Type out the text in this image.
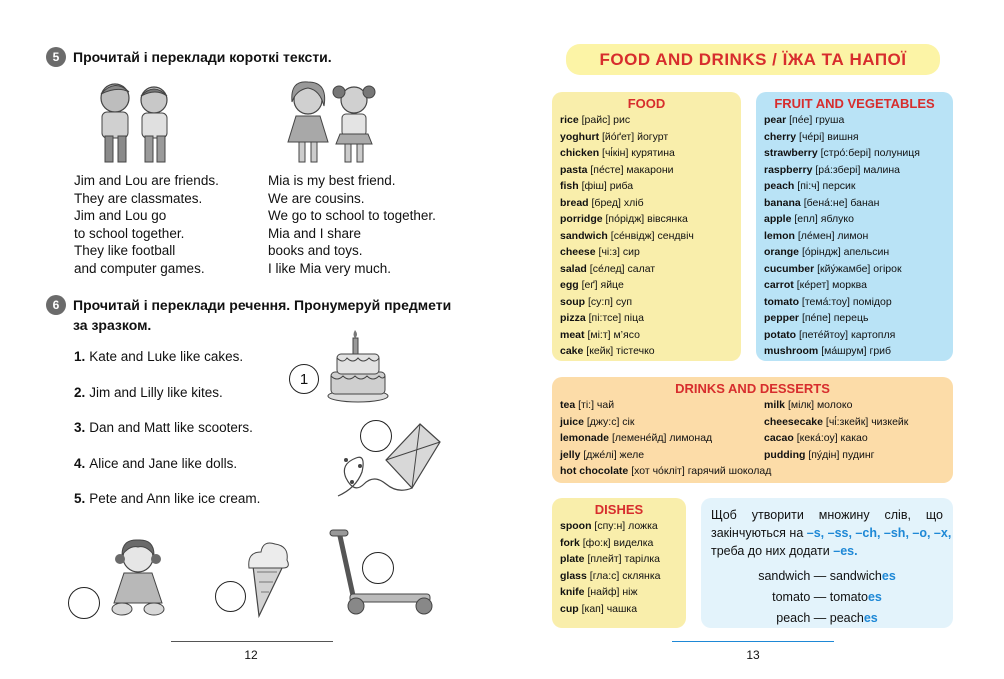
5 Прочитай і переклади короткі тексти.
Jim and Lou are friends.
They are classmates.
Jim and Lou go
to school together.
They like football
and computer games.
Mia is my best friend.
We are cousins.
We go to school to together.
Mia and I share
books and toys.
I like Mia very much.
6 Прочитай і переклади речення. Пронумеруй предмети
за зразком.
1. Kate and Luke like cakes.
2. Jim and Lilly like kites.
3. Dan and Matt like scooters.
4. Alice and Jane like dolls.
5. Pete and Ann like ice cream.
1
12
FOOD AND DRINKS / ЇЖА ТА НАПОЇ
FOOD
rice [райс] рис
yoghurt [йо́ґет] йогурт
chicken [чі́кін] курятина
pasta [пе́сте] макарони
fish [фіш] риба
bread [бред] хліб
porridge [по́рідж] вівсянка
sandwich [се́нвідж] сендвіч
cheese [чі:з] сир
salad [се́лед] салат
egg [еґ] яйце
soup [су:п] суп
pizza [пі:тсе] піца
meat [мі:т] м’ясо
cake [кейк] тістечко
FRUIT AND VEGETABLES
pear [пе́е] груша
cherry [че́рі] вишня
strawberry [стро́:бері] полуниця
raspberry [ра́:збері] малина
peach [пі:ч] персик
banana [бена́:не] банан
apple [епл] яблуко
lemon [ле́мен] лимон
orange [о́ріндж] апельсин
cucumber [кйу́жамбе] огірок
carrot [ке́рет] морква
tomato [тема́:тоу] помідор
pepper [пе́пе] перець
potato [пете́йтоу] картопля
mushroom [ма́шрум] гриб
DRINKS AND DESSERTS
tea [ті:] чай
juice [джу:с] сік
lemonade [лемене́йд] лимонад
jelly [дже́лі] желе
hot chocolate [хот чо́кліт] гарячий шоколад
milk [мілк] молоко
cheesecake [чі́:зкейк] чизкейк
cacao [кека́:оу] какао
pudding [пу́дін] пудинг
DISHES
spoon [спу:н] ложка
fork [фо:к] виделка
plate [плейт] тарілка
glass [гла:с] склянка
knife [найф] ніж
cup [кап] чашка
Щоб утворити множину слів, що
закінчуються на –s, –ss, –ch, –sh, –o, –x,
треба до них додати –es.
sandwich — sandwiches
tomato — tomatoes
peach — peaches
13
